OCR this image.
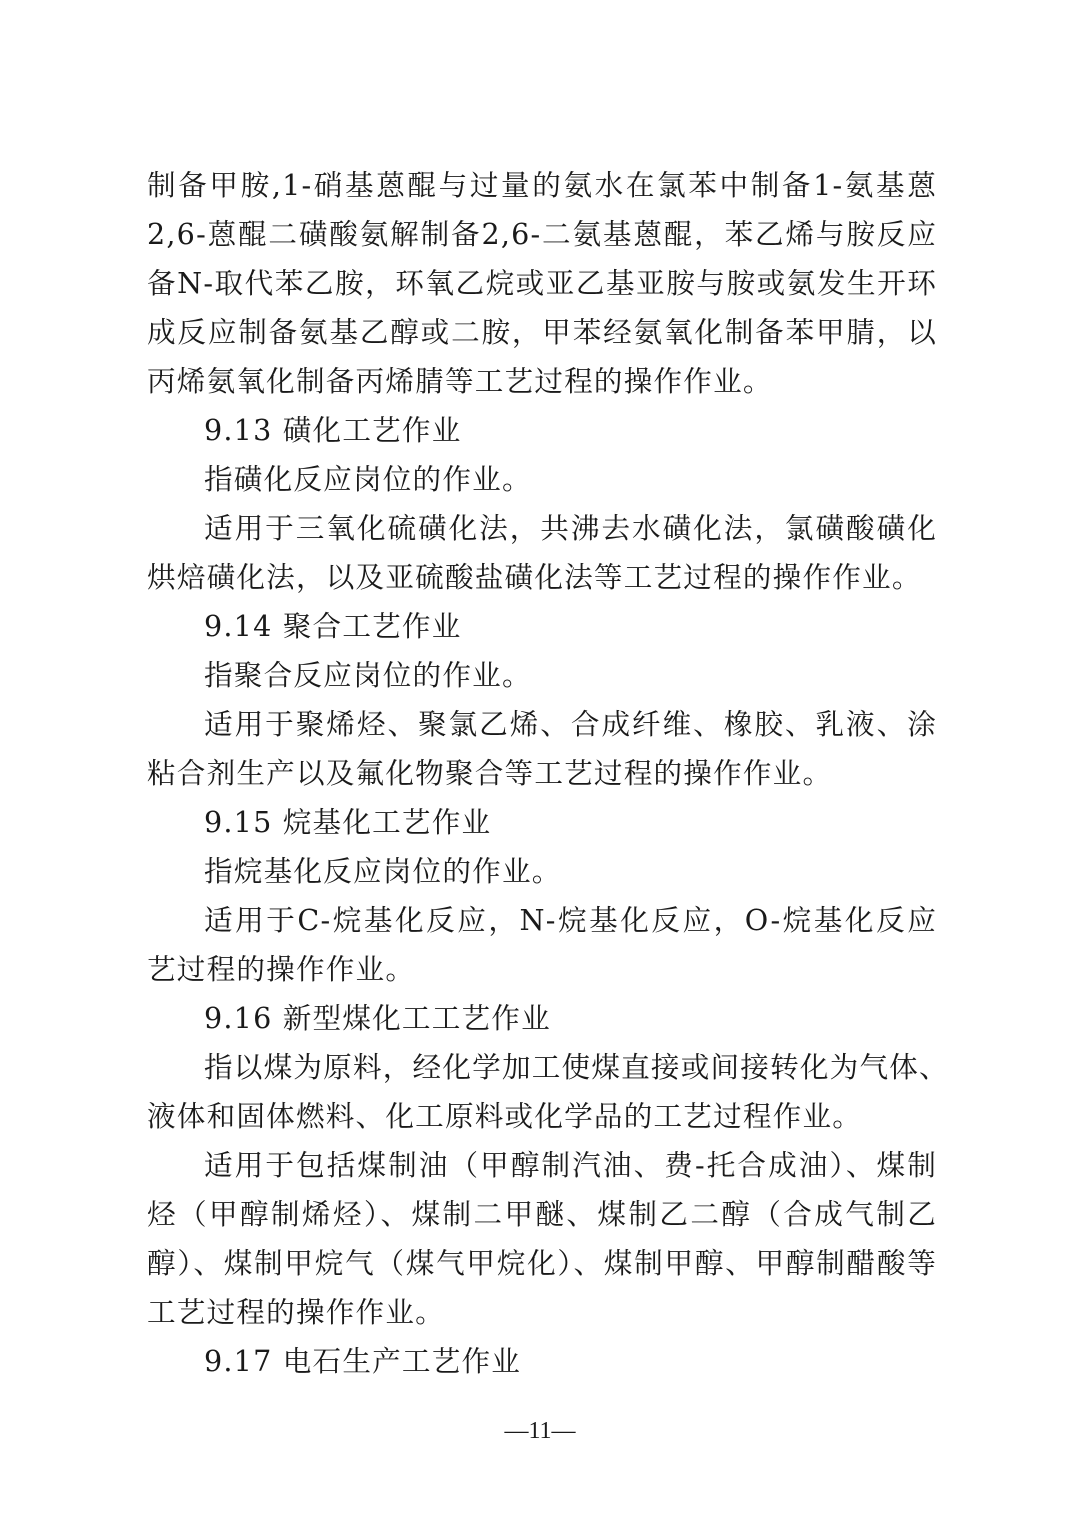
制备甲胺,1-硝基蒽醌与过量的氨水在氯苯中制备1-氨基蒽
2,6-蒽醌二磺酸氨解制备2,6-二氨基蒽醌，苯乙烯与胺反应
备N-取代苯乙胺，环氧乙烷或亚乙基亚胺与胺或氨发生开环
成反应制备氨基乙醇或二胺，甲苯经氨氧化制备苯甲腈，以
丙烯氨氧化制备丙烯腈等工艺过程的操作作业。
9.13 磺化工艺作业
指磺化反应岗位的作业。
适用于三氧化硫磺化法，共沸去水磺化法，氯磺酸磺化
烘焙磺化法，以及亚硫酸盐磺化法等工艺过程的操作作业。
9.14 聚合工艺作业
指聚合反应岗位的作业。
适用于聚烯烃、聚氯乙烯、合成纤维、橡胶、乳液、涂
粘合剂生产以及氟化物聚合等工艺过程的操作作业。
9.15 烷基化工艺作业
指烷基化反应岗位的作业。
适用于C-烷基化反应，N-烷基化反应，O-烷基化反应
艺过程的操作作业。
9.16 新型煤化工工艺作业
指以煤为原料，经化学加工使煤直接或间接转化为气体、
液体和固体燃料、化工原料或化学品的工艺过程作业。
适用于包括煤制油（甲醇制汽油、费-托合成油）、煤制
烃（甲醇制烯烃）、煤制二甲醚、煤制乙二醇（合成气制乙
醇）、煤制甲烷气（煤气甲烷化）、煤制甲醇、甲醇制醋酸等
工艺过程的操作作业。
9.17 电石生产工艺作业
—11—
